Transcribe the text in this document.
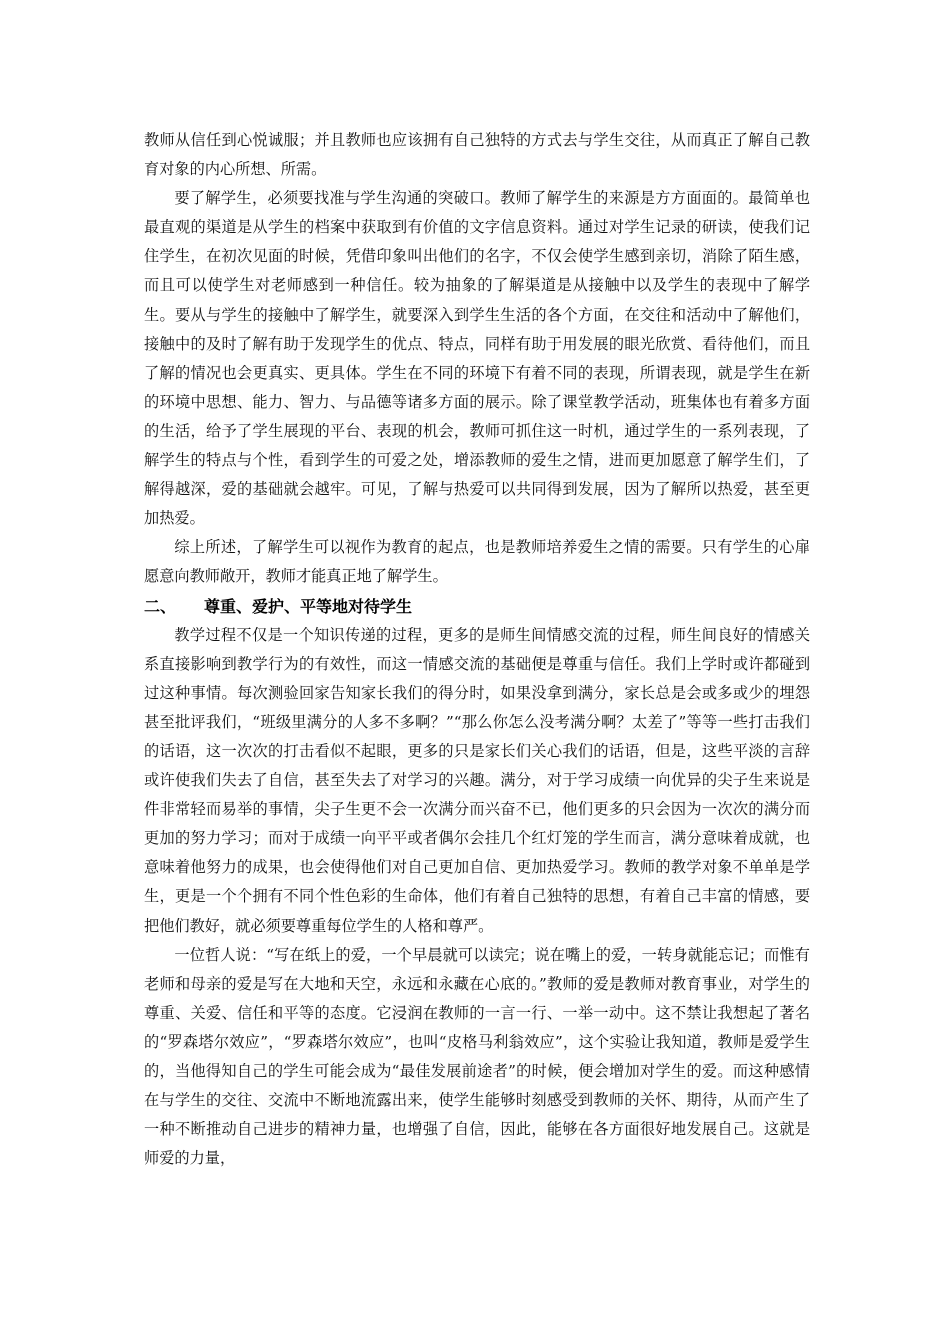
教师从信任到心悦诚服；并且教师也应该拥有自己独特的方式去与学生交往，从而真正了解自己教育对象的内心所想、所需。

要了解学生，必须要找准与学生沟通的突破口。教师了解学生的来源是方方面面的。最简单也最直观的渠道是从学生的档案中获取到有价值的文字信息资料。通过对学生记录的研读，使我们记住学生，在初次见面的时候，凭借印象叫出他们的名字，不仅会使学生感到亲切，消除了陌生感，而且可以使学生对老师感到一种信任。较为抽象的了解渠道是从接触中以及学生的表现中了解学生。要从与学生的接触中了解学生，就要深入到学生生活的各个方面，在交往和活动中了解他们，接触中的及时了解有助于发现学生的优点、特点，同样有助于用发展的眼光欣赏、看待他们，而且了解的情况也会更真实、更具体。学生在不同的环境下有着不同的表现，所谓表现，就是学生在新的环境中思想、能力、智力、与品德等诸多方面的展示。除了课堂教学活动，班集体也有着多方面的生活，给予了学生展现的平台、表现的机会，教师可抓住这一时机，通过学生的一系列表现，了解学生的特点与个性，看到学生的可爱之处，增添教师的爱生之情，进而更加愿意了解学生们，了解得越深，爱的基础就会越牢。可见，了解与热爱可以共同得到发展，因为了解所以热爱，甚至更加热爱。

综上所述，了解学生可以视作为教育的起点，也是教师培养爱生之情的需要。只有学生的心扉愿意向教师敞开，教师才能真正地了解学生。

二、 尊重、爱护、平等地对待学生

教学过程不仅是一个知识传递的过程，更多的是师生间情感交流的过程，师生间良好的情感关系直接影响到教学行为的有效性，而这一情感交流的基础便是尊重与信任。我们上学时或许都碰到过这种事情。每次测验回家告知家长我们的得分时，如果没拿到满分，家长总是会或多或少的埋怨甚至批评我们，“班级里满分的人多不多啊？”“那么你怎么没考满分啊？太差了”等等一些打击我们的话语，这一次次的打击看似不起眼，更多的只是家长们关心我们的话语，但是，这些平淡的言辞或许使我们失去了自信，甚至失去了对学习的兴趣。满分，对于学习成绩一向优异的尖子生来说是件非常轻而易举的事情，尖子生更不会一次满分而兴奋不已，他们更多的只会因为一次次的满分而更加的努力学习；而对于成绩一向平平或者偶尔会挂几个红灯笼的学生而言，满分意味着成就，也意味着他努力的成果，也会使得他们对自己更加自信、更加热爱学习。教师的教学对象不单单是学生，更是一个个拥有不同个性色彩的生命体，他们有着自己独特的思想，有着自己丰富的情感，要把他们教好，就必须要尊重每位学生的人格和尊严。

一位哲人说：“写在纸上的爱，一个早晨就可以读完；说在嘴上的爱，一转身就能忘记；而惟有老师和母亲的爱是写在大地和天空，永远和永藏在心底的。”教师的爱是教师对教育事业，对学生的尊重、关爱、信任和平等的态度。它浸润在教师的一言一行、一举一动中。这不禁让我想起了著名的“罗森塔尔效应”，“罗森塔尔效应”，也叫“皮格马利翁效应”，这个实验让我知道，教师是爱学生的，当他得知自己的学生可能会成为“最佳发展前途者”的时候，便会增加对学生的爱。而这种感情在与学生的交往、交流中不断地流露出来，使学生能够时刻感受到教师的关怀、期待，从而产生了一种不断推动自己进步的精神力量，也增强了自信，因此，能够在各方面很好地发展自己。这就是师爱的力量，
